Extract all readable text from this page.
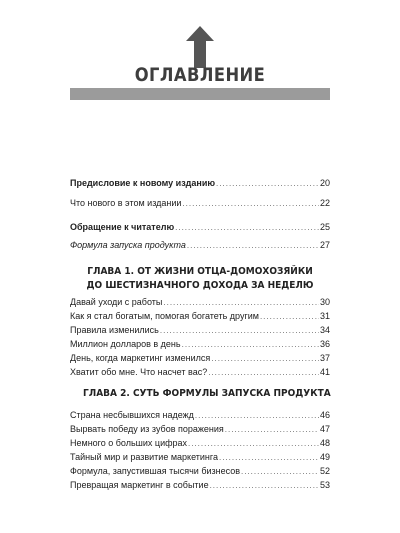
ОГЛАВЛЕНИЕ
Предисловие к новому изданию .....	20
Что нового в этом издании .....	22
Обращение к читателю .....	25
Формула запуска продукта .....	27
ГЛАВА 1. ОТ ЖИЗНИ ОТЦА-ДОМОХОЗЯЙКИ
ДО ШЕСТИЗНАЧНОГО ДОХОДА ЗА НЕДЕЛЮ
Давай уходи с работы .....	30
Как я стал богатым, помогая богатеть другим .....	31
Правила изменились .....	34
Миллион долларов в день .....	36
День, когда маркетинг изменился .....	37
Хватит обо мне. Что насчет вас? .....	41
ГЛАВА 2. СУТЬ ФОРМУЛЫ ЗАПУСКА ПРОДУКТА
Страна несбывшихся надежд .....	46
Вырвать победу из зубов поражения .....	47
Немного о больших цифрах .....	48
Тайный мир и развитие маркетинга .....	49
Формула, запустившая тысячи бизнесов .....	52
Превращая маркетинг в событие .....	53
